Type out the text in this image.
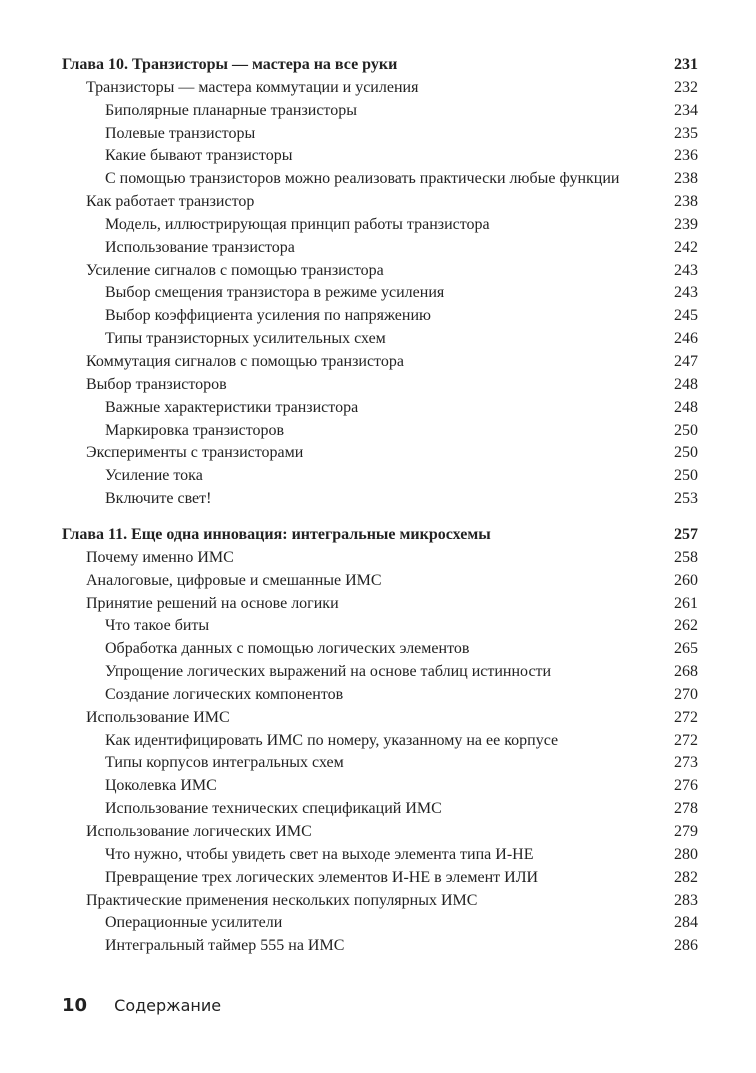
Глава 10. Транзисторы — мастера на все руки	231
Транзисторы — мастера коммутации и усиления	232
Биполярные планарные транзисторы	234
Полевые транзисторы	235
Какие бывают транзисторы	236
С помощью транзисторов можно реализовать практически любые функции	238
Как работает транзистор	238
Модель, иллюстрирующая принцип работы транзистора	239
Использование транзистора	242
Усиление сигналов с помощью транзистора	243
Выбор смещения транзистора в режиме усиления	243
Выбор коэффициента усиления по напряжению	245
Типы транзисторных усилительных схем	246
Коммутация сигналов с помощью транзистора	247
Выбор транзисторов	248
Важные характеристики транзистора	248
Маркировка транзисторов	250
Эксперименты с транзисторами	250
Усиление тока	250
Включите свет!	253
Глава 11. Еще одна инновация: интегральные микросхемы	257
Почему именно ИМС	258
Аналоговые, цифровые и смешанные ИМС	260
Принятие решений на основе логики	261
Что такое биты	262
Обработка данных с помощью логических элементов	265
Упрощение логических выражений на основе таблиц истинности	268
Создание логических компонентов	270
Использование ИМС	272
Как идентифицировать ИМС по номеру, указанному на ее корпусе	272
Типы корпусов интегральных схем	273
Цоколевка ИМС	276
Использование технических спецификаций ИМС	278
Использование логических ИМС	279
Что нужно, чтобы увидеть свет на выходе элемента типа И-НЕ	280
Превращение трех логических элементов И-НЕ в элемент ИЛИ	282
Практические применения нескольких популярных ИМС	283
Операционные усилители	284
Интегральный таймер 555 на ИМС	286
10 Содержание
